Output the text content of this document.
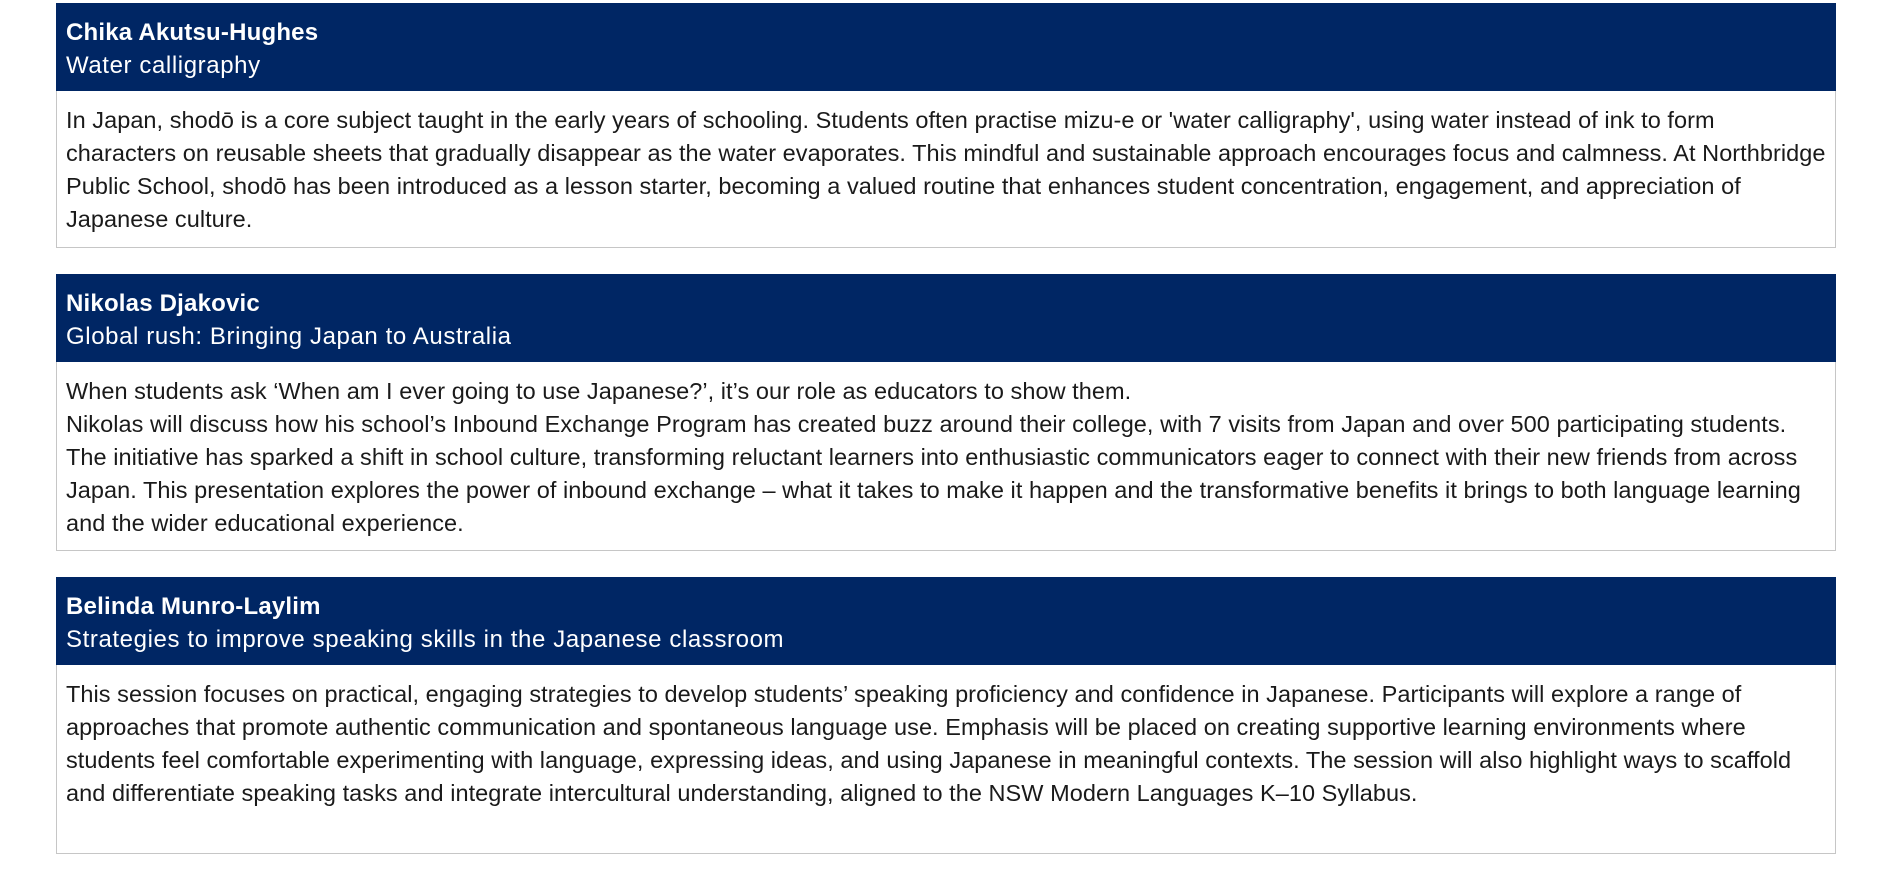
Chika Akutsu-Hughes
Water calligraphy

In Japan, shodō is a core subject taught in the early years of schooling. Students often practise mizu-e or 'water calligraphy', using water instead of ink to form characters on reusable sheets that gradually disappear as the water evaporates. This mindful and sustainable approach encourages focus and calmness. At Northbridge Public School, shodō has been introduced as a lesson starter, becoming a valued routine that enhances student concentration, engagement, and appreciation of Japanese culture.

Nikolas Djakovic
Global rush: Bringing Japan to Australia

When students ask ‘When am I ever going to use Japanese?’, it’s our role as educators to show them.

Nikolas will discuss how his school’s Inbound Exchange Program has created buzz around their college, with 7 visits from Japan and over 500 participating students. The initiative has sparked a shift in school culture, transforming reluctant learners into enthusiastic communicators eager to connect with their new friends from across Japan. This presentation explores the power of inbound exchange – what it takes to make it happen and the transformative benefits it brings to both language learning and the wider educational experience.

Belinda Munro-Laylim
Strategies to improve speaking skills in the Japanese classroom

This session focuses on practical, engaging strategies to develop students’ speaking proficiency and confidence in Japanese. Participants will explore a range of approaches that promote authentic communication and spontaneous language use. Emphasis will be placed on creating supportive learning environments where students feel comfortable experimenting with language, expressing ideas, and using Japanese in meaningful contexts. The session will also highlight ways to scaffold and differentiate speaking tasks and integrate intercultural understanding, aligned to the NSW Modern Languages K–10 Syllabus.
